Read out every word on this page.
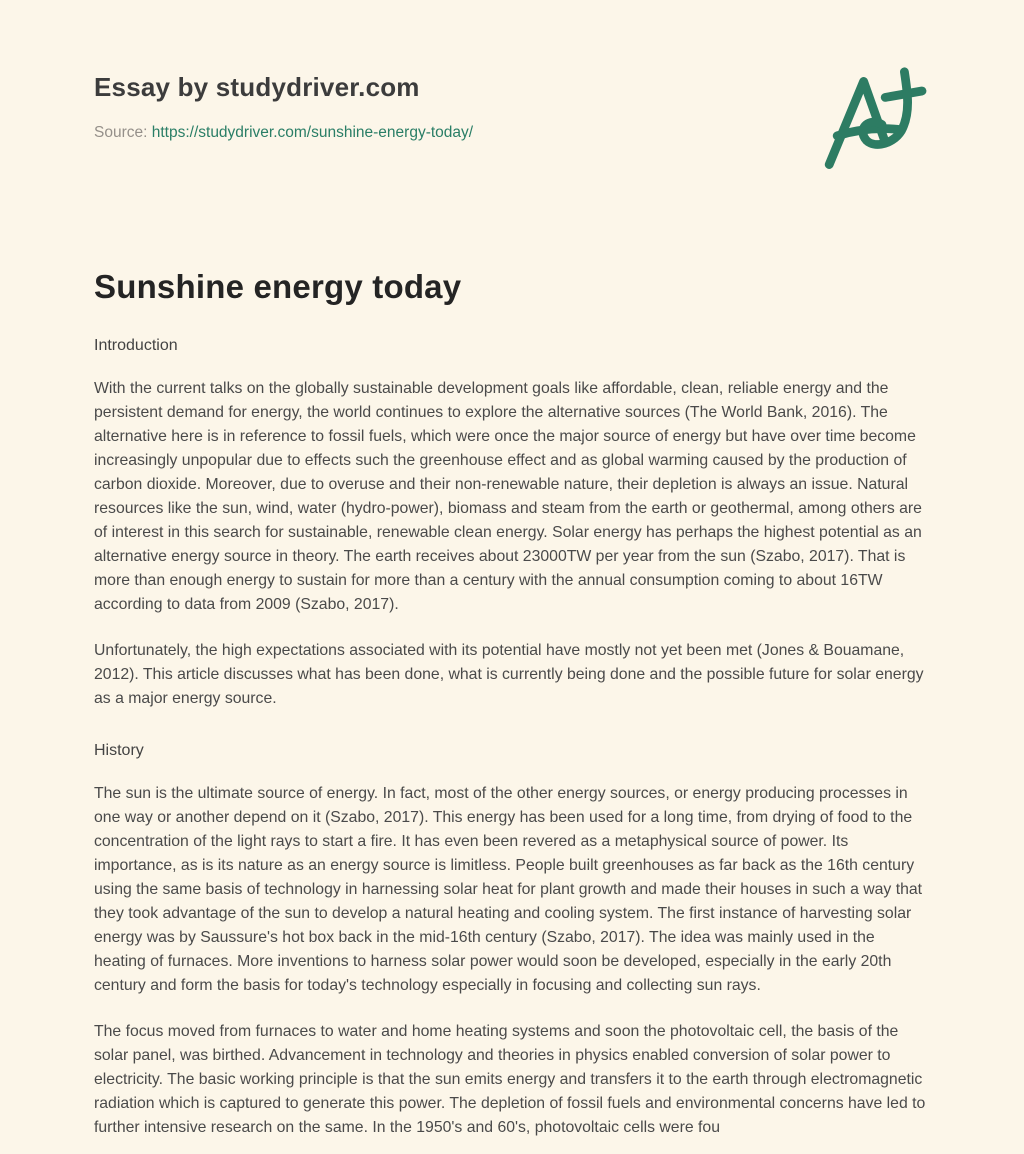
Essay by studydriver.com
Source: https://studydriver.com/sunshine-energy-today/
Sunshine energy today
Introduction

With the current talks on the globally sustainable development goals like affordable, clean, reliable energy and the persistent demand for energy, the world continues to explore the alternative sources (The World Bank, 2016). The alternative here is in reference to fossil fuels, which were once the major source of energy but have over time become increasingly unpopular due to effects such the greenhouse effect and as global warming caused by the production of carbon dioxide. Moreover, due to overuse and their non-renewable nature, their depletion is always an issue. Natural resources like the sun, wind, water (hydro-power), biomass and steam from the earth or geothermal, among others are of interest in this search for sustainable, renewable clean energy. Solar energy has perhaps the highest potential as an alternative energy source in theory. The earth receives about 23000TW per year from the sun (Szabo, 2017). That is more than enough energy to sustain for more than a century with the annual consumption coming to about 16TW according to data from 2009 (Szabo, 2017).

Unfortunately, the high expectations associated with its potential have mostly not yet been met (Jones & Bouamane, 2012). This article discusses what has been done, what is currently being done and the possible future for solar energy as a major energy source.

History

The sun is the ultimate source of energy. In fact, most of the other energy sources, or energy producing processes in one way or another depend on it (Szabo, 2017). This energy has been used for a long time, from drying of food to the concentration of the light rays to start a fire. It has even been revered as a metaphysical source of power. Its importance, as is its nature as an energy source is limitless. People built greenhouses as far back as the 16th century using the same basis of technology in harnessing solar heat for plant growth and made their houses in such a way that they took advantage of the sun to develop a natural heating and cooling system. The first instance of harvesting solar energy was by Saussure's hot box back in the mid-16th century (Szabo, 2017). The idea was mainly used in the heating of furnaces. More inventions to harness solar power would soon be developed, especially in the early 20th century and form the basis for today's technology especially in focusing and collecting sun rays.

The focus moved from furnaces to water and home heating systems and soon the photovoltaic cell, the basis of the solar panel, was birthed. Advancement in technology and theories in physics enabled conversion of solar power to electricity. The basic working principle is that the sun emits energy and transfers it to the earth through electromagnetic radiation which is captured to generate this power. The depletion of fossil fuels and environmental concerns have led to further intensive research on the same. In the 1950's and 60's, photovoltaic cells were fou
